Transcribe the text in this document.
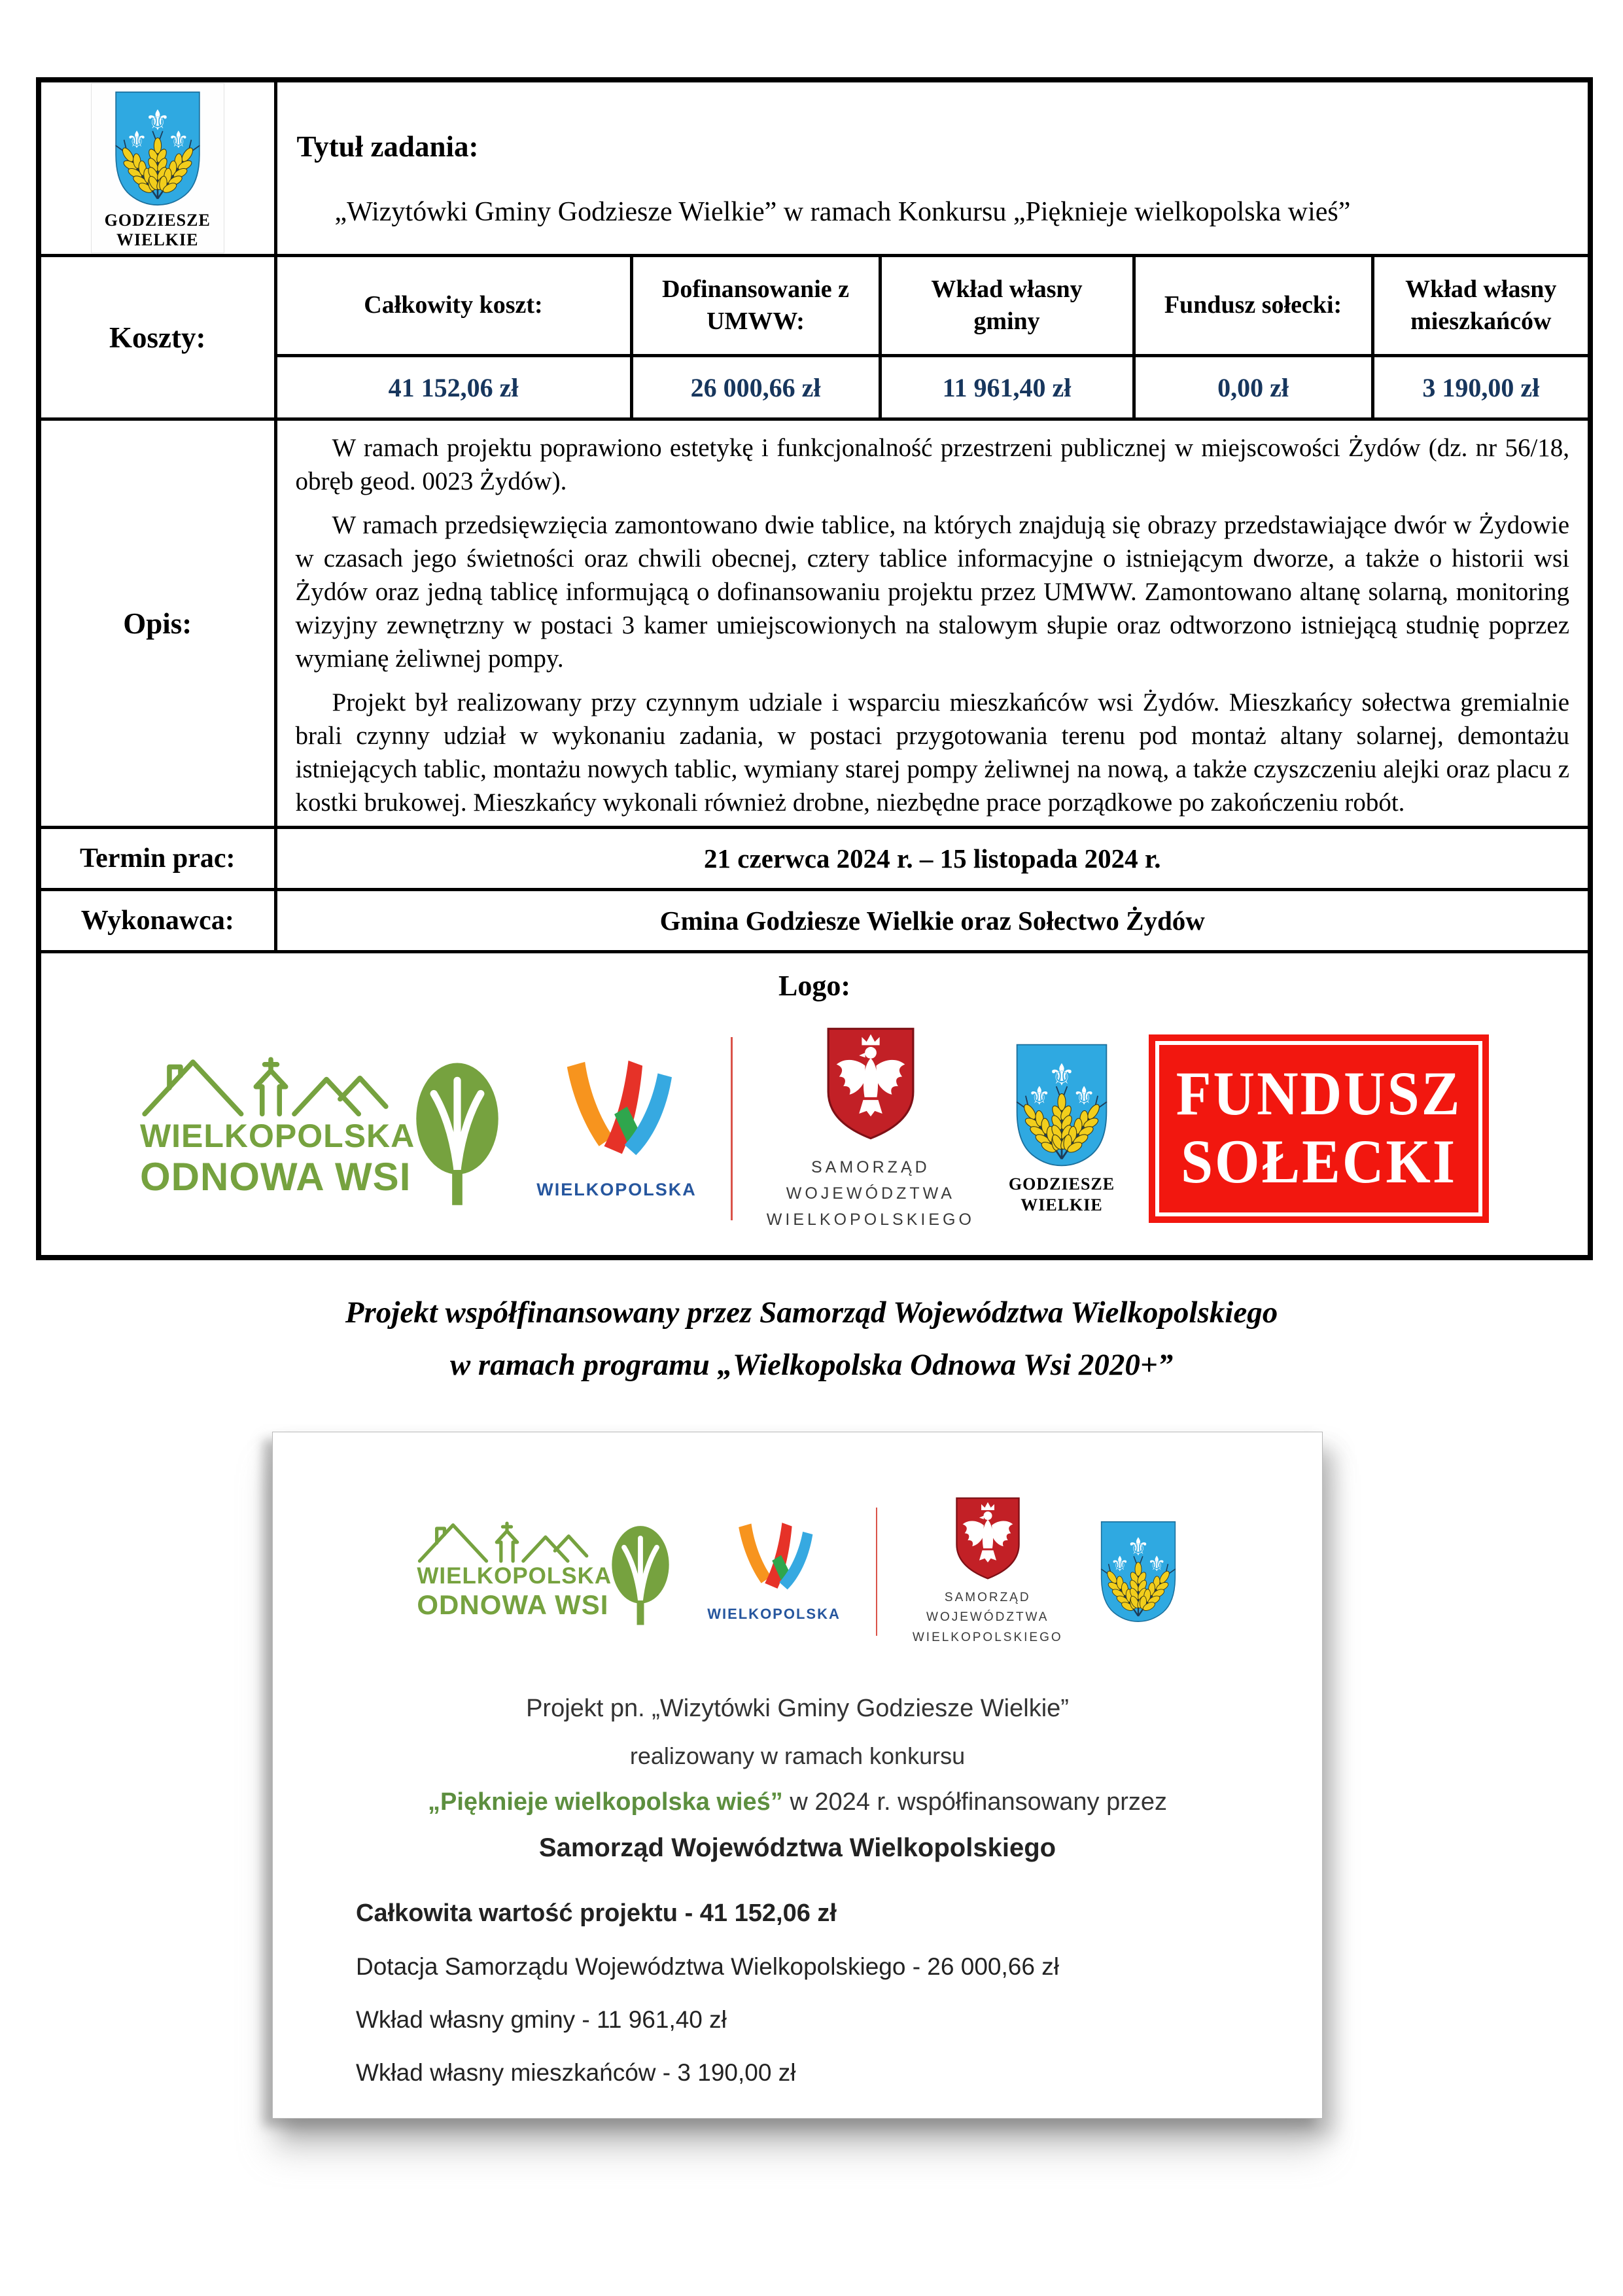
GODZIESZE
WIELKIE

Tytuł zadania:
„Wizytówki Gminy Godziesze Wielkie” w ramach Konkursu „Pięknieje wielkopolska wieś”

Koszty:	Całkowity koszt:	Dofinansowanie z UMWW:	Wkład własny gminy	Fundusz sołecki:	Wkład własny mieszkańców
	41 152,06 zł	26 000,66 zł	11 961,40 zł	0,00 zł	3 190,00 zł
Opis:	W ramach projektu poprawiono estetykę i funkcjonalność przestrzeni publicznej w miejscowości Żydów (dz. nr 56/18, obręb geod. 0023 Żydów).

W ramach przedsięwzięcia zamontowano dwie tablice, na których znajdują się obrazy przedstawiające dwór w Żydowie w czasach jego świetności oraz chwili obecnej, cztery tablice informacyjne o istniejącym dworze, a także o historii wsi Żydów oraz jedną tablicę informującą o dofinansowaniu projektu przez UMWW. Zamontowano altanę solarną, monitoring wizyjny zewnętrzny w postaci 3 kamer umiejscowionych na stalowym słupie oraz odtworzono istniejącą studnię poprzez wymianę żeliwnej pompy.

Projekt był realizowany przy czynnym udziale i wsparciu mieszkańców wsi Żydów. Mieszkańcy sołectwa gremialnie brali czynny udział w wykonaniu zadania, w postaci przygotowania terenu pod montaż altany solarnej, demontażu istniejących tablic, montażu nowych tablic, wymiany starej pompy żeliwnej na nową, a także czyszczeniu alejki oraz placu z kostki brukowej. Mieszkańcy wykonali również drobne, niezbędne prace porządkowe po zakończeniu robót.				

Termin prac:	21 czerwca 2024 r. – 15 listopada 2024 r.				
Wykonawca:	Gmina Godziesze Wielkie oraz Sołectwo Żydów				

Logo:
WIELKOPOLSKA
ODNOWA WSI	WIELKOPOLSKA
SAMORZĄD
WOJEWÓDZTWA
WIELKOPOLSKIEGO
GODZIESZE
WIELKIE
FUNDUSZ
SOŁECKI
Projekt współfinansowany przez Samorząd Województwa Wielkopolskiego
w ramach programu „Wielkopolska Odnowa Wsi 2020+”
WIELKOPOLSKA
ODNOWA WSI	WIELKOPOLSKA
SAMORZĄD
WOJEWÓDZTWA
WIELKOPOLSKIEGO
Projekt pn. „Wizytówki Gminy Godziesze Wielkie”
realizowany w ramach konkursu
„Pięknieje wielkopolska wieś” w 2024 r. współfinansowany przez
Samorząd Województwa Wielkopolskiego
Całkowita wartość projektu - 41 152,06 zł
Dotacja Samorządu Województwa Wielkopolskiego - 26 000,66 zł
Wkład własny gminy - 11 961,40 zł
Wkład własny mieszkańców - 3 190,00 zł
